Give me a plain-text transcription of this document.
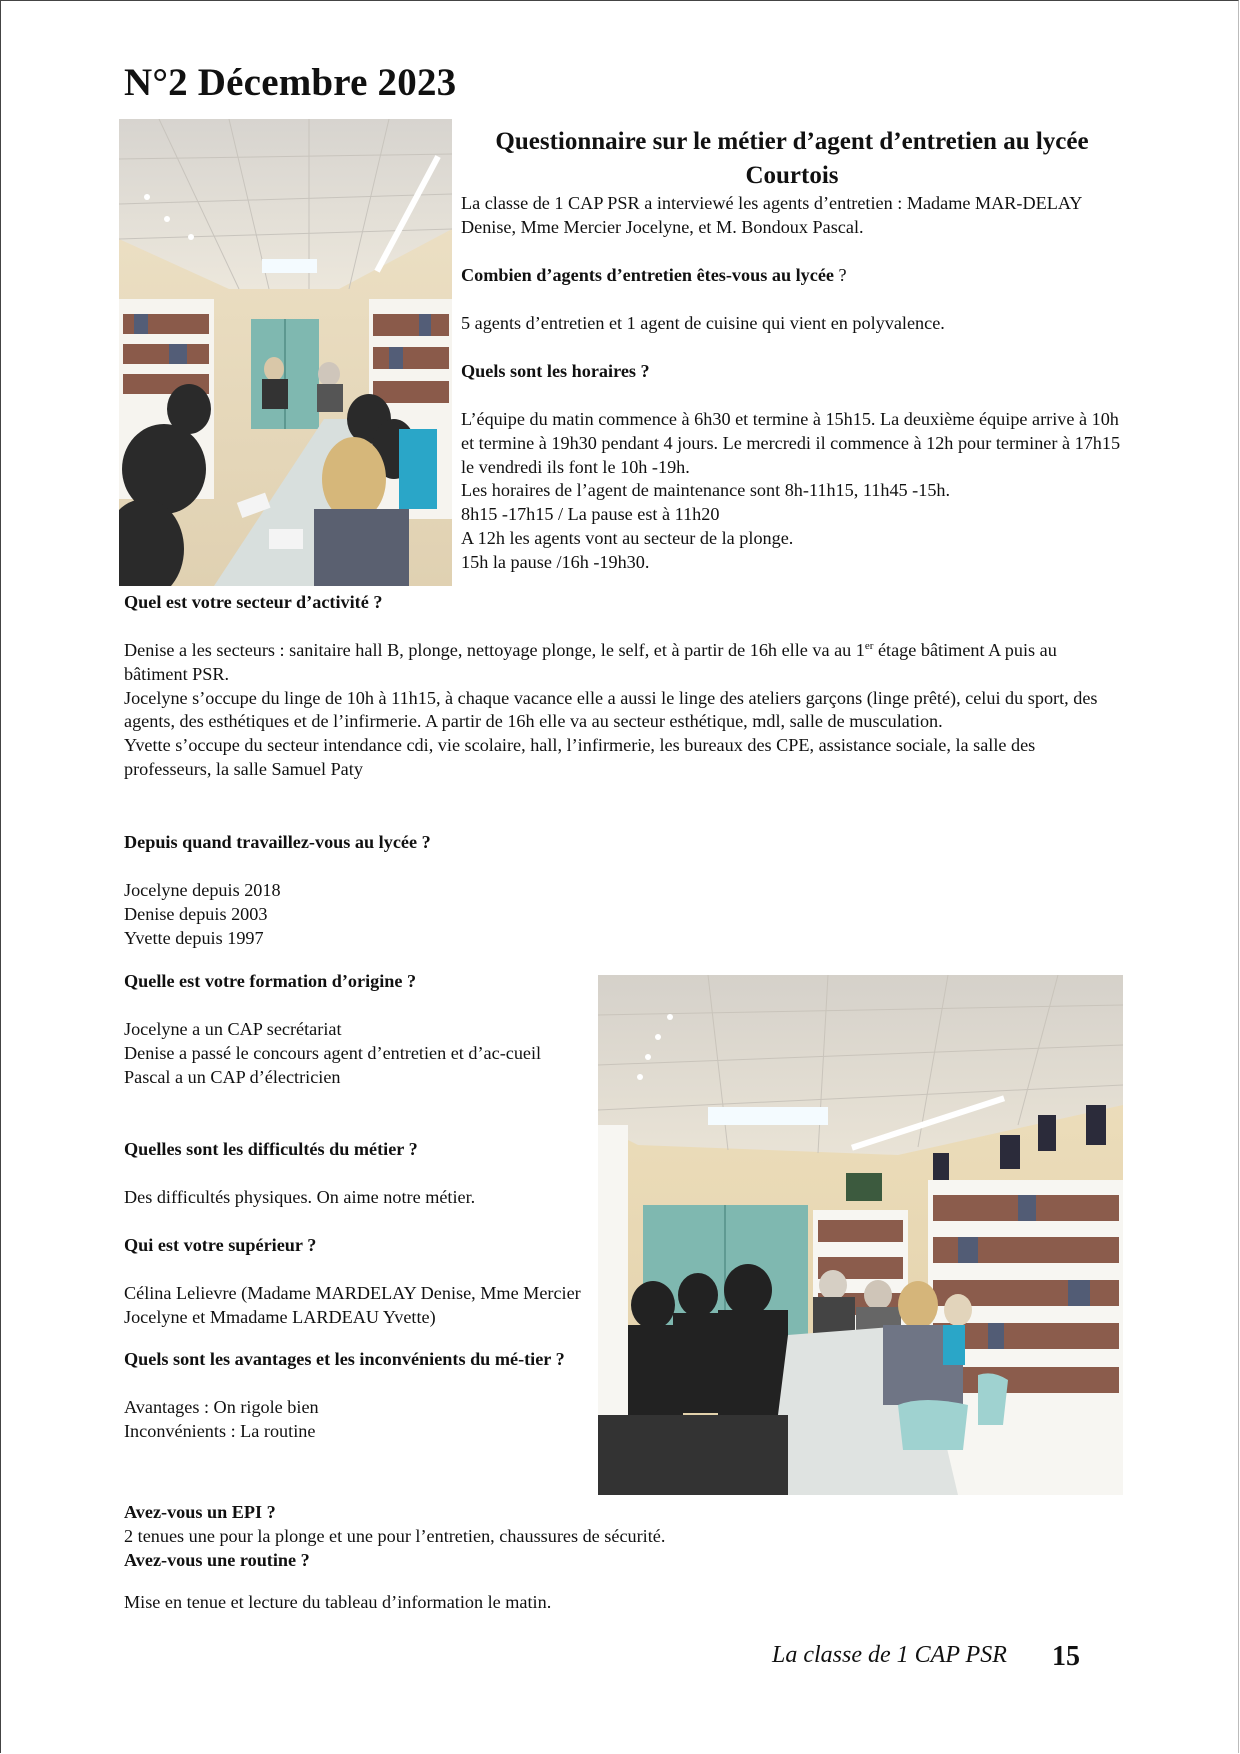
N°2 Décembre 2023
Questionnaire sur le métier d’agent d’entretien au lycée Courtois

La classe de 1 CAP PSR a interviewé les agents d’entretien : Madame MAR-DELAY Denise, Mme Mercier Jocelyne, et M. Bondoux Pascal.

Combien d’agents d’entretien êtes-vous au lycée ?

5 agents d’entretien et 1 agent de cuisine qui vient en polyvalence.

Quels sont les horaires ?

L’équipe du matin commence à 6h30 et termine à 15h15. La deuxième équipe arrive à 10h et termine à 19h30 pendant 4 jours. Le mercredi il commence à 12h pour terminer à 17h15 le vendredi ils font le 10h -19h.
Les horaires de l’agent de maintenance sont 8h-11h15, 11h45 -15h.
8h15 -17h15 / La pause est à 11h20
A 12h les agents vont au secteur de la plonge.
15h la pause /16h -19h30.

Quel est votre secteur d’activité ?

Denise a les secteurs : sanitaire hall B, plonge, nettoyage plonge, le self, et à partir de 16h elle va au 1er étage bâtiment A puis au bâtiment PSR.
Jocelyne s’occupe du linge de 10h à 11h15, à chaque vacance elle a aussi le linge des ateliers garçons (linge prêté), celui du sport, des agents, des esthétiques et de l’infirmerie. A partir de 16h elle va au secteur esthétique, mdl, salle de musculation.
Yvette s’occupe du secteur intendance cdi, vie scolaire, hall, l’infirmerie, les bureaux des CPE, assistance sociale, la salle des professeurs, la salle Samuel Paty

Depuis quand travaillez-vous au lycée ?

Jocelyne depuis 2018
Denise depuis 2003
Yvette depuis 1997

Quelle est votre formation d’origine ?

Jocelyne a un CAP secrétariat
Denise a passé le concours agent d’entretien et d’ac-cueil
Pascal a un CAP d’électricien

Quelles sont les difficultés du métier ?

Des difficultés physiques. On aime notre métier.

Qui est votre supérieur ?

Célina Lelievre (Madame MARDELAY Denise, Mme Mercier Jocelyne et Mmadame LARDEAU Yvette)

Quels sont les avantages et les inconvénients du mé-tier ?

Avantages : On rigole bien
Inconvénients : La routine

Avez-vous un EPI ?

2 tenues une pour la plonge et une pour l’entretien, chaussures de sécurité.

Avez-vous une routine ?

Mise en tenue et lecture du tableau d’information le matin.

La classe de 1 CAP PSR 15
